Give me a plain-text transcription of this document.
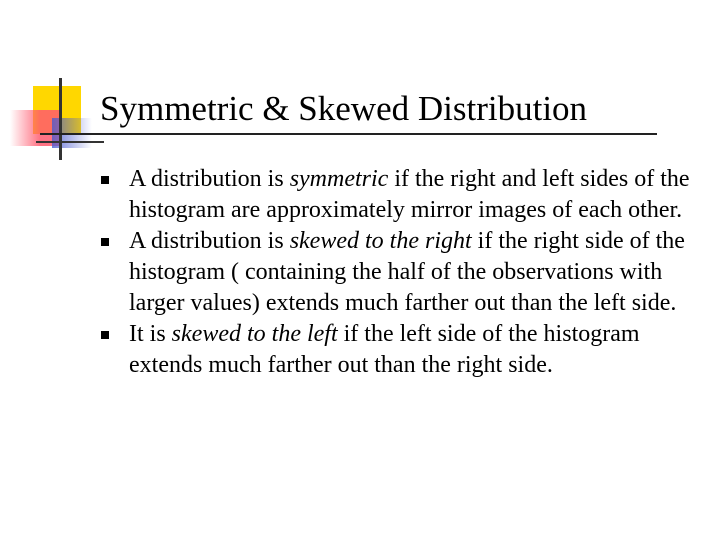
Symmetric & Skewed Distribution
A distribution is symmetric if the right and left sides of the histogram are approximately mirror images of each other.
A distribution is skewed to the right if the right side of the histogram ( containing the half of the observations with larger values) extends much farther out than the left side.
It is skewed to the left if the left side of the histogram extends much farther out than the right side.
